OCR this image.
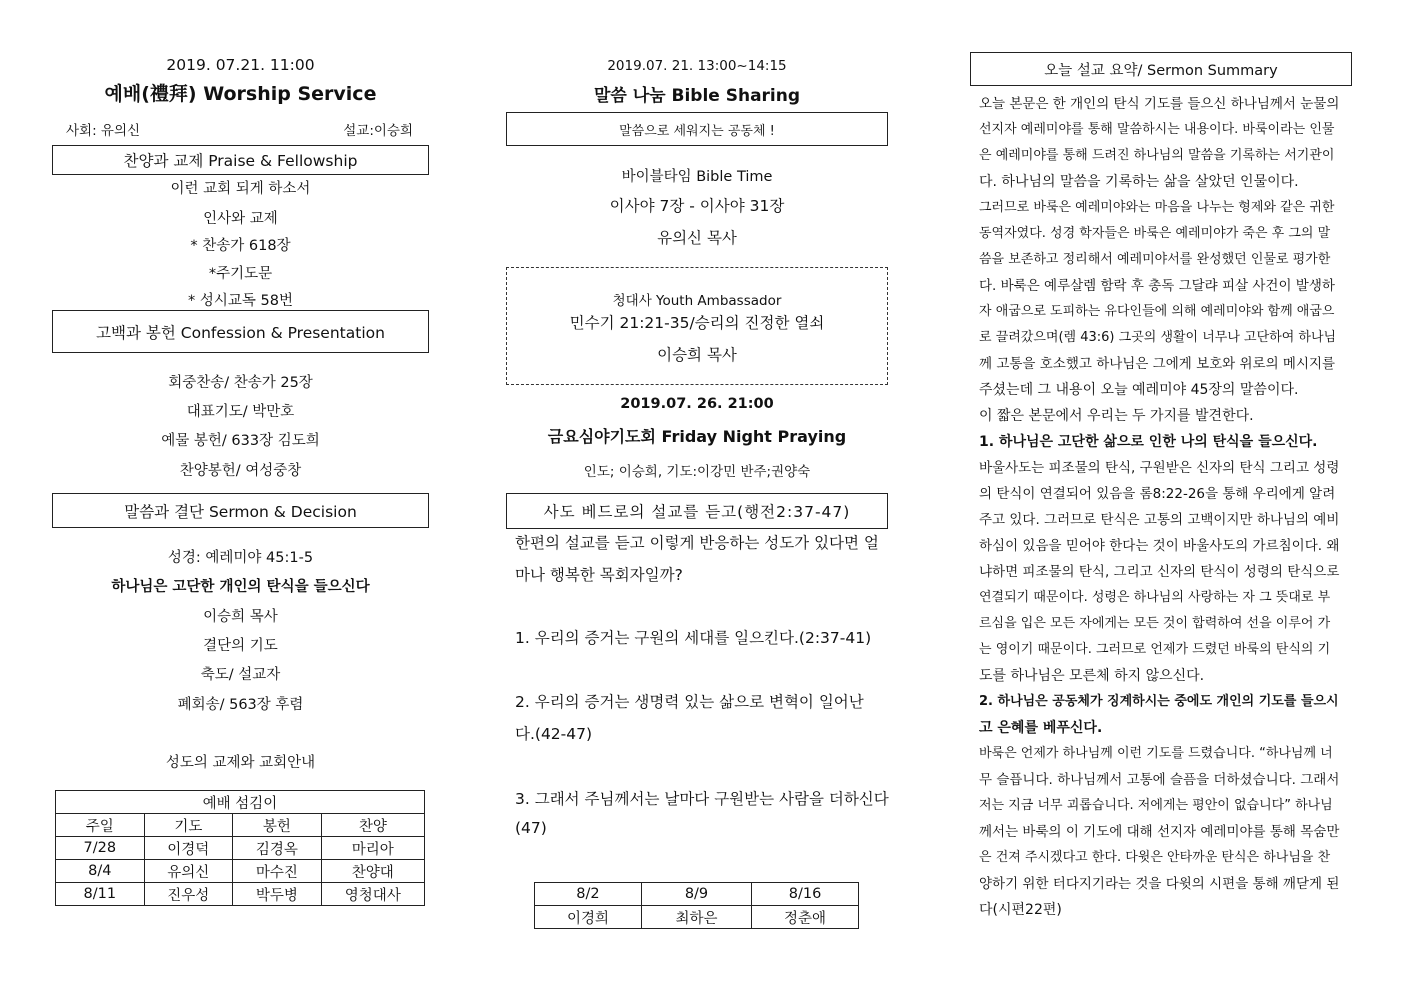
2019. 07.21. 11:00
예배(禮拜) Worship Service
사회: 유의신	설교:이승희
찬양과 교제 Praise & Fellowship
이런 교회 되게 하소서
인사와 교제
* 찬송가 618장
*주기도문
* 성시교독 58번
고백과 봉헌 Confession & Presentation
회중찬송/ 찬송가 25장
대표기도/ 박만호
예물 봉헌/ 633장 김도희
찬양봉헌/ 여성중창
말씀과 결단 Sermon & Decision
성경: 예레미야 45:1-5
하나님은 고단한 개인의 탄식을 들으신다
이승희 목사
결단의 기도
축도/ 설교자
폐회송/ 563장 후렴
성도의 교제와 교회안내
예배 섬김이			
주일	기도	봉헌	찬양
7/28	이경덕	김경옥	마리아
8/4	유의신	마수진	찬양대
8/11	진우성	박두병	영청대사
2019.07. 21. 13:00~14:15
말씀 나눔 Bible Sharing
말씀으로 세워지는 공동체 !
바이블타임 Bible Time
이사야 7장 - 이사야 31장
유의신 목사
청대사 Youth Ambassador
민수기 21:21-35/승리의 진정한 열쇠
이승희 목사
2019.07. 26. 21:00
금요심야기도회 Friday Night Praying
인도; 이승희, 기도:이강민 반주;권양숙
사도 베드로의 설교를 듣고(행전2:37-47)
한편의 설교를 듣고 이렇게 반응하는 성도가 있다면 얼
마나 행복한 목회자일까?
1. 우리의 증거는 구원의 세대를 일으킨다.(2:37-41)
2. 우리의 증거는 생명력 있는 삶으로 변혁이 일어난
다.(42-47)
3. 그래서 주님께서는 날마다 구원받는 사람을 더하신다
(47)
8/2	8/9	8/16
이경희	최하은	정춘애
오늘 설교 요약/ Sermon Summary
오늘 본문은 한 개인의 탄식 기도를 들으신 하나님께서 눈물의
선지자 예레미야를 통해 말씀하시는 내용이다. 바룩이라는 인물
은 예레미야를 통해 드려진 하나님의 말씀을 기록하는 서기관이
다. 하나님의 말씀을 기록하는 삶을 살았던 인물이다.
그러므로 바룩은 예레미야와는 마음을 나누는 형제와 같은 귀한
동역자였다. 성경 학자들은 바룩은 예레미야가 죽은 후 그의 말
씀을 보존하고 정리해서 예레미야서를 완성했던 인물로 평가한
다. 바룩은 예루살렘 함락 후 총독 그달랴 피살 사건이 발생하
자 애굽으로 도피하는 유다인들에 의해 예레미야와 함께 애굽으
로 끌려갔으며(렘 43:6) 그곳의 생활이 너무나 고단하여 하나님
께 고통을 호소했고 하나님은 그에게 보호와 위로의 메시지를
주셨는데 그 내용이 오늘 예레미야 45장의 말씀이다.
이 짧은 본문에서 우리는 두 가지를 발견한다.
1. 하나님은 고단한 삶으로 인한 나의 탄식을 들으신다.
바울사도는 피조물의 탄식, 구원받은 신자의 탄식 그리고 성령
의 탄식이 연결되어 있음을 롬8:22-26을 통해 우리에게 알려
주고 있다. 그러므로 탄식은 고통의 고백이지만 하나님의 예비
하심이 있음을 믿어야 한다는 것이 바울사도의 가르침이다. 왜
냐하면 피조물의 탄식, 그리고 신자의 탄식이 성령의 탄식으로
연결되기 때문이다. 성령은 하나님의 사랑하는 자 그 뜻대로 부
르심을 입은 모든 자에게는 모든 것이 합력하여 선을 이루어 가
는 영이기 때문이다. 그러므로 언제가 드렸던 바룩의 탄식의 기
도를 하나님은 모른체 하지 않으신다.
2. 하나님은 공동체가 징계하시는 중에도 개인의 기도를 들으시
고 은혜를 베푸신다.
바룩은 언제가 하나님께 이런 기도를 드렸습니다. “하나님께 너
무 슬픕니다. 하나님께서 고통에 슬픔을 더하셨습니다. 그래서
저는 지금 너무 괴롭습니다. 저에게는 평안이 없습니다” 하나님
께서는 바룩의 이 기도에 대해 선지자 예레미야를 통해 목숨만
은 건져 주시겠다고 한다. 다윗은 안타까운 탄식은 하나님을 찬
양하기 위한 터다지기라는 것을 다윗의 시편을 통해 깨닫게 된
다(시편22편)
